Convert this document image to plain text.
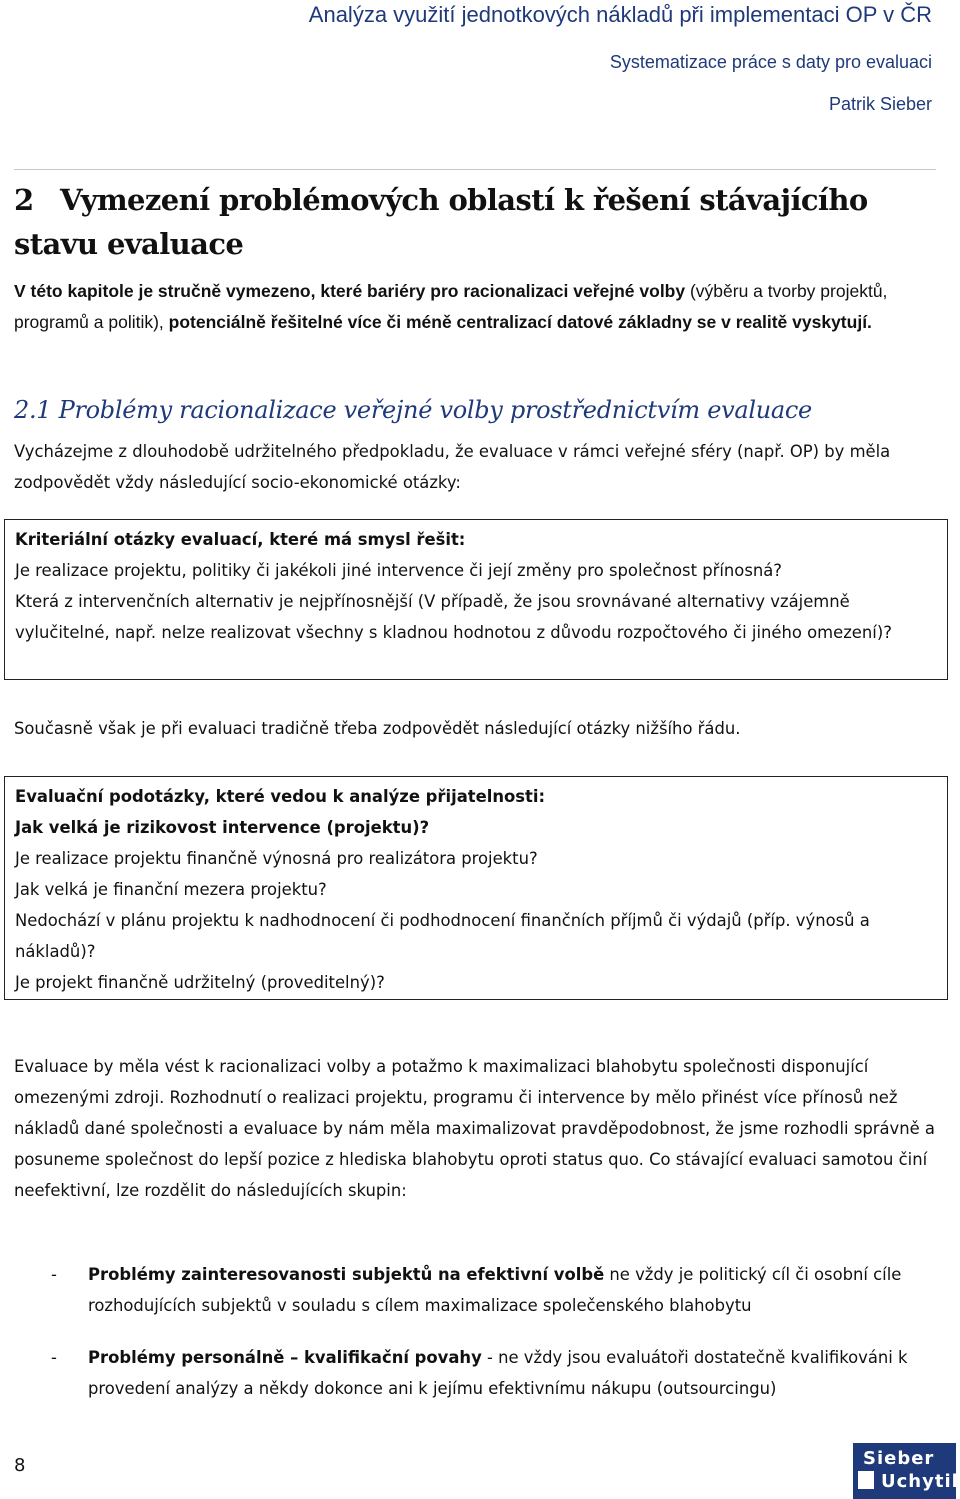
Analýza využití jednotkových nákladů při implementaci OP v ČR
Systematizace práce s daty pro evaluaci
Patrik Sieber
2 Vymezení problémových oblastí k řešení stávajícího stavu evaluace
V této kapitole je stručně vymezeno, které bariéry pro racionalizaci veřejné volby (výběru a tvorby projektů, programů a politik), potenciálně řešitelné více či méně centralizací datové základny se v realitě vyskytují.
2.1 Problémy racionalizace veřejné volby prostřednictvím evaluace
Vycházejme z dlouhodobě udržitelného předpokladu, že evaluace v rámci veřejné sféry (např. OP) by měla zodpovědět vždy následující socio-ekonomické otázky:
Kriteriální otázky evaluací, které má smysl řešit:
Je realizace projektu, politiky či jakékoli jiné intervence či její změny pro společnost přínosná?
Která z intervenčních alternativ je nejpřínosnější (V případě, že jsou srovnávané alternativy vzájemně vylučitelné, např. nelze realizovat všechny s kladnou hodnotou z důvodu rozpočtového či jiného omezení)?
Současně však je při evaluaci tradičně třeba zodpovědět následující otázky nižšího řádu.
Evaluační podotázky, které vedou k analýze přijatelnosti:
Jak velká je rizikovost intervence (projektu)?
Je realizace projektu finančně výnosná pro realizátora projektu?
Jak velká je finanční mezera projektu?
Nedochází v plánu projektu k nadhodnocení či podhodnocení finančních příjmů či výdajů (příp. výnosů a nákladů)?
Je projekt finančně udržitelný (proveditelný)?
Evaluace by měla vést k racionalizaci volby a potažmo k maximalizaci blahobytu společnosti disponující omezenými zdroji. Rozhodnutí o realizaci projektu, programu či intervence by mělo přinést více přínosů než nákladů dané společnosti a evaluace by nám měla maximalizovat pravděpodobnost, že jsme rozhodli správně a posuneme společnost do lepší pozice z hlediska blahobytu oproti status quo. Co stávající evaluaci samotou činí neefektivní, lze rozdělit do následujících skupin:
- Problémy zainteresovanosti subjektů na efektivní volbě ne vždy je politický cíl či osobní cíle rozhodujících subjektů v souladu s cílem maximalizace společenského blahobytu
- Problémy personálně – kvalifikační povahy - ne vždy jsou evaluátoři dostatečně kvalifikováni k provedení analýzy a někdy dokonce ani k jejímu efektivnímu nákupu (outsourcingu)
8	Sieber
Uchytil
